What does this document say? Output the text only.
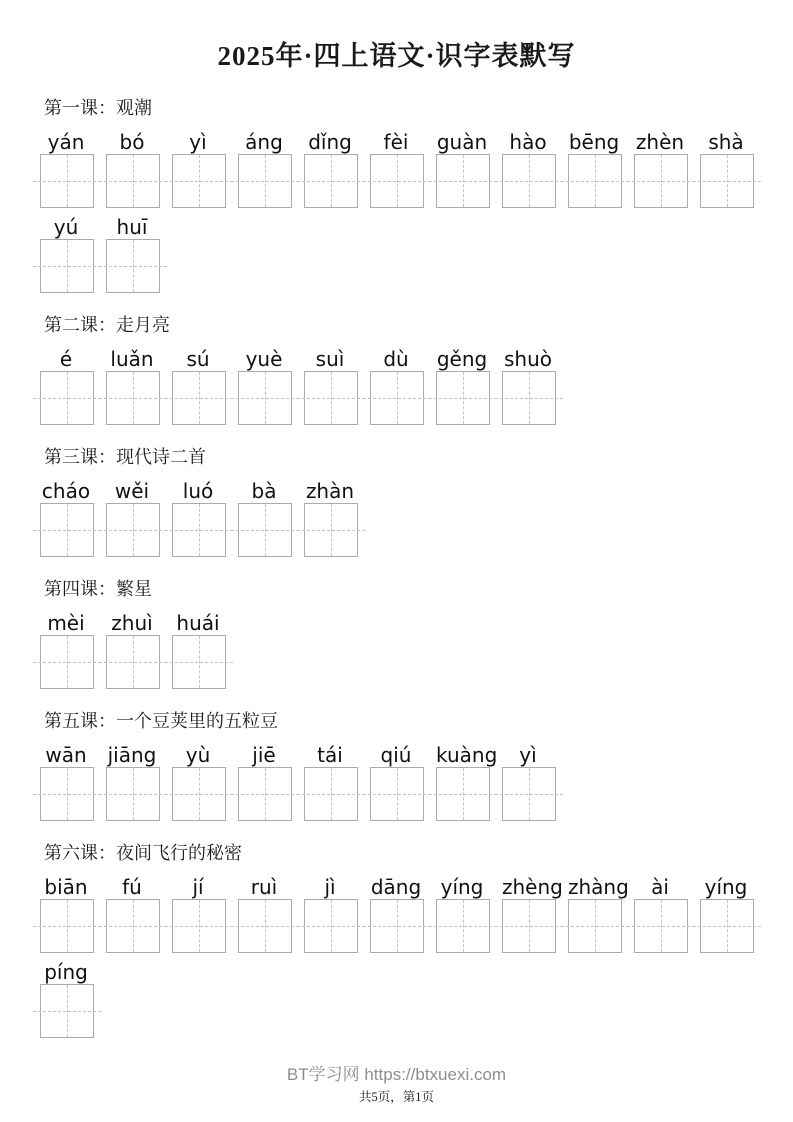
2025年·四上语文·识字表默写
第一课：观潮
yán	bó	yì	áng	dǐng	fèi	guàn	hào	bēng zhèn	shà
yú	huī
第二课：走月亮
é	luǎn	sú	yuè	suì	dù	gěng shuò
第三课：现代诗二首
cháo	wěi	luó	bà	zhàn
第四课：繁星
mèi	zhuì huái
第五课：一个豆荚里的五粒豆
wān jiāng	yù	jiē	tái	qiú	kuàng	yì
第六课：夜间飞行的秘密
biān	fú	jí	ruì	jì	dāng yíng zhèng zhàng	ài	yíng
píng
BT学习网 https://btxuexi.com
共5页，第1页
